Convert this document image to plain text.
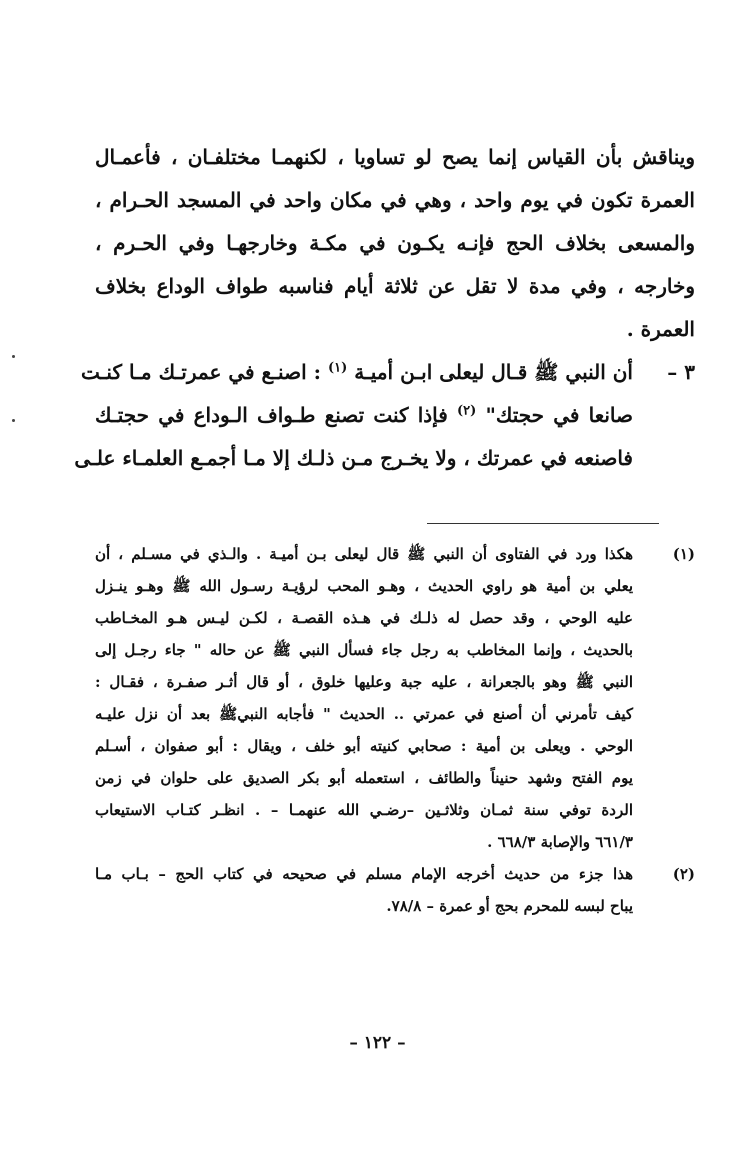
ويناقش بأن القياس إنما يصح لو تساويا ، لكنهمـا مختلفـان ، فأعمـال
العمرة تكون في يوم واحد ، وهي في مكان واحد في المسجد الحـرام ،
والمسعى بخلاف الحج فإنـه يكـون في مكـة وخارجهـا وفي الحـرم ،
وخارجه ، وفي مدة لا تقل عن ثلاثة أيام فناسبه طواف الوداع بخلاف
العمرة .
٣ –
أن النبي ﷺ قـال ليعلى ابـن أميـة $^{(١)}$ : اصنـع في عمرتـك مـا كنـت
صانعا في حجتك" $^{(٢)}$ فإذا كنت تصنع طـواف الـوداع في حجتـك
فاصنعه في عمرتك ، ولا يخـرج مـن ذلـك إلا مـا أجمـع العلمـاء علـى
(١)
هكذا ورد في الفتاوى أن النبي ﷺ قال ليعلى بـن أميـة . والـذي في مسـلم ، أن
يعلي بن أمية هو راوي الحديث ، وهـو المحب لرؤيـة رسـول الله ﷺ وهـو ينـزل
عليه الوحي ، وقد حصل له ذلـك في هـذه القصـة ، لكـن ليـس هـو المخـاطب
بالحديث ، وإنما المخاطب به رجل جاء فسأل النبي ﷺ عن حاله " جاء رجـل إلى
النبي ﷺ وهو بالجعرانة ، عليه جبة وعليها خلوق ، أو قال أثـر صفـرة ، فقـال :
كيف تأمرني أن أصنع في عمرتي .. الحديث " فأجابه النبيﷺ بعد أن نزل عليـه
الوحي . ويعلى بن أمية : صحابي كنيته أبو خلف ، ويقال : أبو صفوان ، أسـلم
يوم الفتح وشهد حنيناً والطائف ، استعمله أبو بكر الصديق على حلوان في زمن
الردة توفي سنة ثمـان وثلاثـين –رضـي الله عنهمـا – . انظـر كتـاب الاستيعاب
٦٦١/٣ والإصابة ٦٦٨/٣ .
(٢)
هذا جزء من حديث أخرجه الإمام مسلم في صحيحه في كتاب الحج – بـاب مـا
يباح لبسه للمحرم بحج أو عمرة – ٧٨/٨.
– ١٢٢ –
